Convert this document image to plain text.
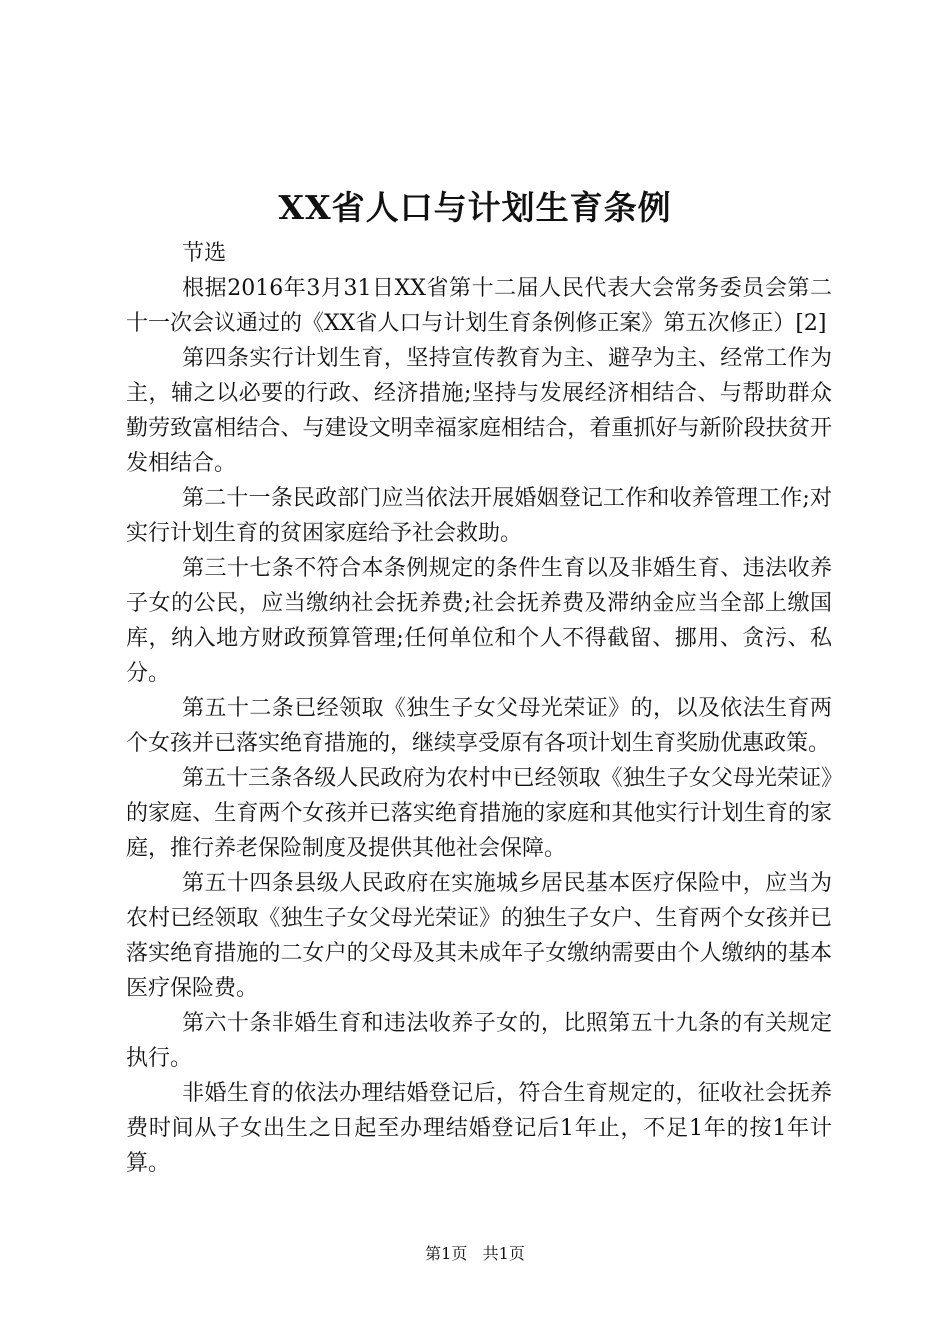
XX省人口与计划生育条例

节选

根据2016年3月31日XX省第十二届人民代表大会常务委员会第二十一次会议通过的《XX省人口与计划生育条例修正案》第五次修正）[2]

第四条实行计划生育，坚持宣传教育为主、避孕为主、经常工作为主，辅之以必要的行政、经济措施;坚持与发展经济相结合、与帮助群众勤劳致富相结合、与建设文明幸福家庭相结合，着重抓好与新阶段扶贫开发相结合。

第二十一条民政部门应当依法开展婚姻登记工作和收养管理工作;对实行计划生育的贫困家庭给予社会救助。

第三十七条不符合本条例规定的条件生育以及非婚生育、违法收养子女的公民，应当缴纳社会抚养费;社会抚养费及滞纳金应当全部上缴国库，纳入地方财政预算管理;任何单位和个人不得截留、挪用、贪污、私分。

第五十二条已经领取《独生子女父母光荣证》的，以及依法生育两个女孩并已落实绝育措施的，继续享受原有各项计划生育奖励优惠政策。

第五十三条各级人民政府为农村中已经领取《独生子女父母光荣证》的家庭、生育两个女孩并已落实绝育措施的家庭和其他实行计划生育的家庭，推行养老保险制度及提供其他社会保障。

第五十四条县级人民政府在实施城乡居民基本医疗保险中，应当为农村已经领取《独生子女父母光荣证》的独生子女户、生育两个女孩并已落实绝育措施的二女户的父母及其未成年子女缴纳需要由个人缴纳的基本医疗保险费。

第六十条非婚生育和违法收养子女的，比照第五十九条的有关规定执行。

非婚生育的依法办理结婚登记后，符合生育规定的，征收社会抚养费时间从子女出生之日起至办理结婚登记后1年止，不足1年的按1年计算。

第1页 共1页
